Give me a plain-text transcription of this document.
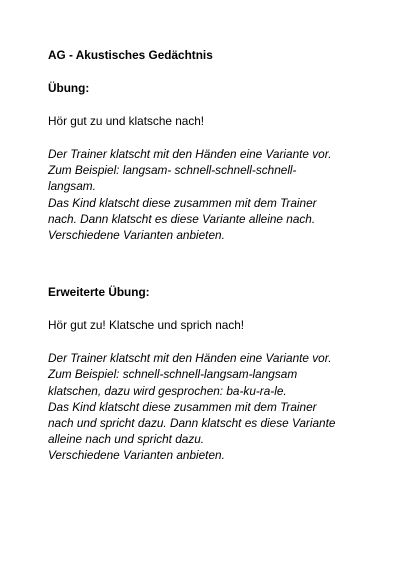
AG - Akustisches Gedächtnis

Übung:

Hör gut zu und klatsche nach!

Der Trainer klatscht mit den Händen eine Variante vor.
Zum Beispiel: langsam- schnell-schnell-schnell-
langsam.
Das Kind klatscht diese zusammen mit dem Trainer
nach. Dann klatscht es diese Variante alleine nach.
Verschiedene Varianten anbieten.

Erweiterte Übung:

Hör gut zu! Klatsche und sprich nach!

Der Trainer klatscht mit den Händen eine Variante vor.
Zum Beispiel: schnell-schnell-langsam-langsam
klatschen, dazu wird gesprochen: ba-ku-ra-le.
Das Kind klatscht diese zusammen mit dem Trainer
nach und spricht dazu. Dann klatscht es diese Variante
alleine nach und spricht dazu.
Verschiedene Varianten anbieten.
